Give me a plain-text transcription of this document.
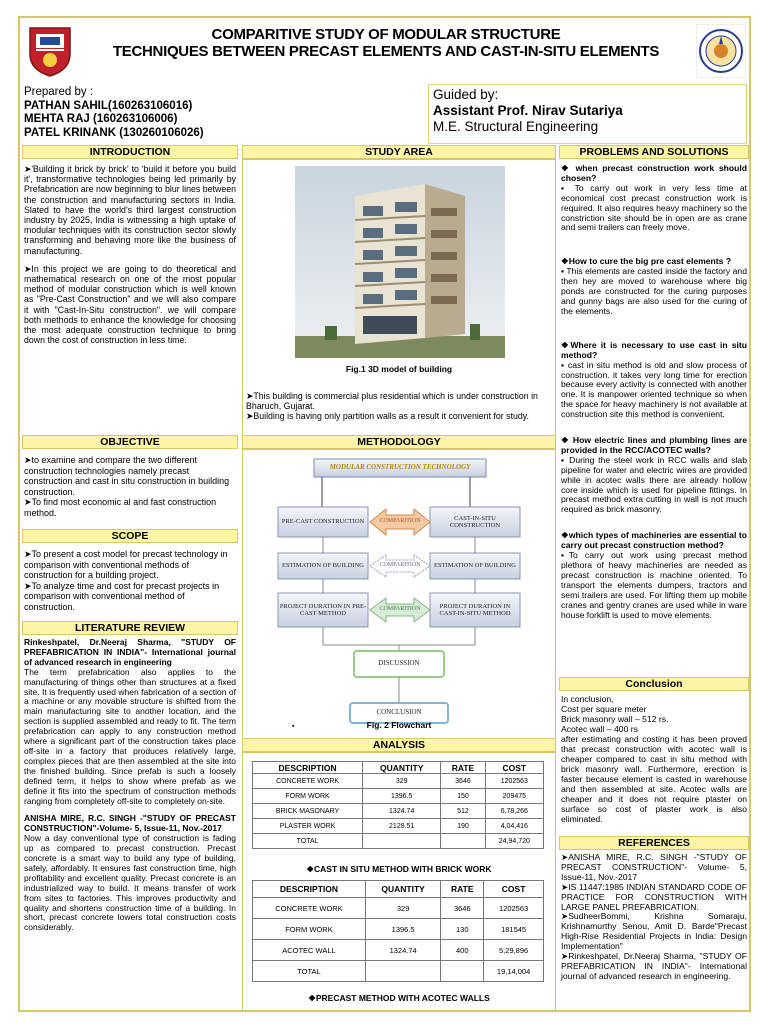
COMPARITIVE STUDY OF MODULAR STRUCTURE
TECHNIQUES BETWEEN PRECAST ELEMENTS AND CAST-IN-SITU ELEMENTS
Prepared by :
PATHAN SAHIL(160263106016)
MEHTA RAJ (160263106006)
PATEL KRINANK (130260106026)
Guided by:
Assistant Prof. Nirav Sutariya
M.E. Structural Engineering
INTRODUCTION

➤'Building it brick by brick' to 'build it before you build it', transformative technologies being led primarily by Prefabrication are now beginning to blur lines between the construction and manufacturing sectors in India. Slated to have the world's third largest construction industry by 2025, India is witnessing a high uptake of modular techniques with its construction sector slowly transforming and behaving more like the business of manufacturing.

➤In this project we are going to do theoretical and mathematical research on one of the most popular method of modular construction which is well known as "Pre-Cast Construction" and we will also compare it with "Cast-In-Situ construction". we will compare both methods to enhance the knowledge for choosing the most adequate construction technique to bring down the cost of construction in less time.

OBJECTIVE
➤to examine and compare the two different construction technologies namely precast construction and cast in situ construction in building construction.
➤To find most economic al and fast construction method.
SCOPE
➤To present a cost model for precast technology in comparison with conventional methods of construction for a building project.
➤To analyze time and cost for precast projects in comparison with conventional method of construction.
LITERATURE REVIEW
Rinkeshpatel, Dr.Neeraj Sharma, "STUDY OF PREFABRICATION IN INDIA"- International journal of advanced research in engineering

The term prefabrication also applies to the manufacturing of things other than structures at a fixed site. It is frequently used when fabrication of a section of a machine or any movable structure is shifted from the main manufacturing site to another location, and the section is supplied assembled and ready to fit. The term prefabrication can apply to any construction method where a significant part of the construction takes place off-site in a factory that produces relatively large, complex pieces that are then assembled at the site into the finished building. Since prefab is such a loosely defined term, it helps to show where prefab as we define it fits into the spectrum of construction methods ranging from completely off-site to completely on-site.

ANISHA MIRE, R.C. SINGH -"STUDY OF PRECAST CONSTRUCTION"-Volume- 5, Issue-11, Nov.-2017

Now a day conventional type of construction is fading up as compared to precast construction. Precast concrete is a smart way to build any type of building, safely, affordably. It ensures fast construction time, high profitability and excellent quality. Precast concrete is an industrialized way to build. It means transfer of work from sites to factories. This improves productivity and quality and shortens construction time of a building. In short, precast concrete lowers total construction costs considerably.

STUDY AREA
Fig.1 3D model of building
➤This building is commercial plus residential which is under construction in Bharuch, Gujarat.
➤Building is having only partition walls as a result it convenient for study.
METHODOLOGY
MODULAR CONSTRUCTION TECHNOLOGY
PRE-CAST CONSTRUCTION
CAST-IN-SITU CONSTRUCTION
COMPARITION
ESTIMATION OF BUILDING	ESTIMATION OF BUILDING
COMPARITION
PROJECT DURATION IN PRE-CAST METHOD
PROJECT DURATION IN CAST-IN-SITU METHOD
COMPARITION
DISCUSSION
CONCLUSION
▪	Fig. 2 Flowchart
ANALYSIS
DESCRIPTION	QUANTITY	RATE	COST
CONCRETE WORK	329	3646	1202563
FORM WORK	1396.5	150	209475
BRICK MASONARY	1324.74	512	6,78,266
PLASTER WORK	2128.51	190	4,04,416
TOTAL			24,94,720
❖CAST IN SITU METHOD WITH BRICK WORK
DESCRIPTION	QUANTITY	RATE	COST
CONCRETE WORK	329	3646	1202563
FORM WORK	1396.5	130	181545
ACOTEC WALL	1324.74	400	5,29,896
TOTAL			19,14,004
❖PRECAST METHOD WITH ACOTEC WALLS
PROBLEMS AND SOLUTIONS
❖ when precast construction work should chosen?

▪ To carry out work in very less time at economical cost precast construction work is required. It also requires heavy machinery so the constriction site should be in open are as crane and semi trailers can freely move.

❖How to cure the big pre cast elements ?

▪ This elements are casted inside the factory and then hey are moved to warehouse where big ponds are constructed for the curing purposes and gunny bags are also used for the curing of the elements.

❖Where it is necessary to use cast in situ method?

▪ cast in situ method is old and slow process of construction. it takes very long time for erection because every activity is connected with another one. It is manpower oriented technique so when the space for heavy machinery is not available at construction site this method is convenient.

❖ How electric lines and plumbing lines are provided in the RCC/ACOTEC walls?

▪ During the steel work in RCC walls and slab pipeline for water and electric wires are provided while in acotec walls there are already hollow core inside which is used for pipeline fittings. In precast method extra cutting in wall is not much required as brick masonry.

❖which types of machineries are essential to carry out precast construction method?

▪To carry out work using precast method plethora of heavy machineries are needed as precast construction is machine oriented. To transport the elements dumpers, tractors and semi trailers are used. For lifting them up mobile cranes and gentry cranes are used while in ware house forklift is used to move elements.

Conclusion
In conclusion,
Cost per square meter
Brick masonry wall – 512 rs.
Acotec wall – 400 rs
after estimating and costing it has been proved that precast construction with acotec wall is cheaper compared to cast in situ method with brick masonry wall. Furthermore, erection is faster because element is casted in warehouse and then assembled at site. Acotec walls are cheaper and it does not require plaster on surface so cost of plaster work is also eliminated.
REFERENCES
➤ANISHA MIRE, R.C. SINGH -"STUDY OF PRECAST CONSTRUCTION"- Volume- 5, Issue-11, Nov.-2017
➤IS 11447:1985 INDIAN STANDARD CODE OF PRACTICE FOR CONSTRUCTION WITH LARGE PANEL PREFABRICATION.
➤SudheerBommi, Krishna Somaraju, Krishnamurthy Senou, Amit D. Barde"Precast High-Rise Residential Projects in India: Design Implementation"
➤Rinkeshpatel, Dr.Neeraj Sharma, "STUDY OF PREFABRICATION IN INDIA"- International journal of advanced research in engineering.
